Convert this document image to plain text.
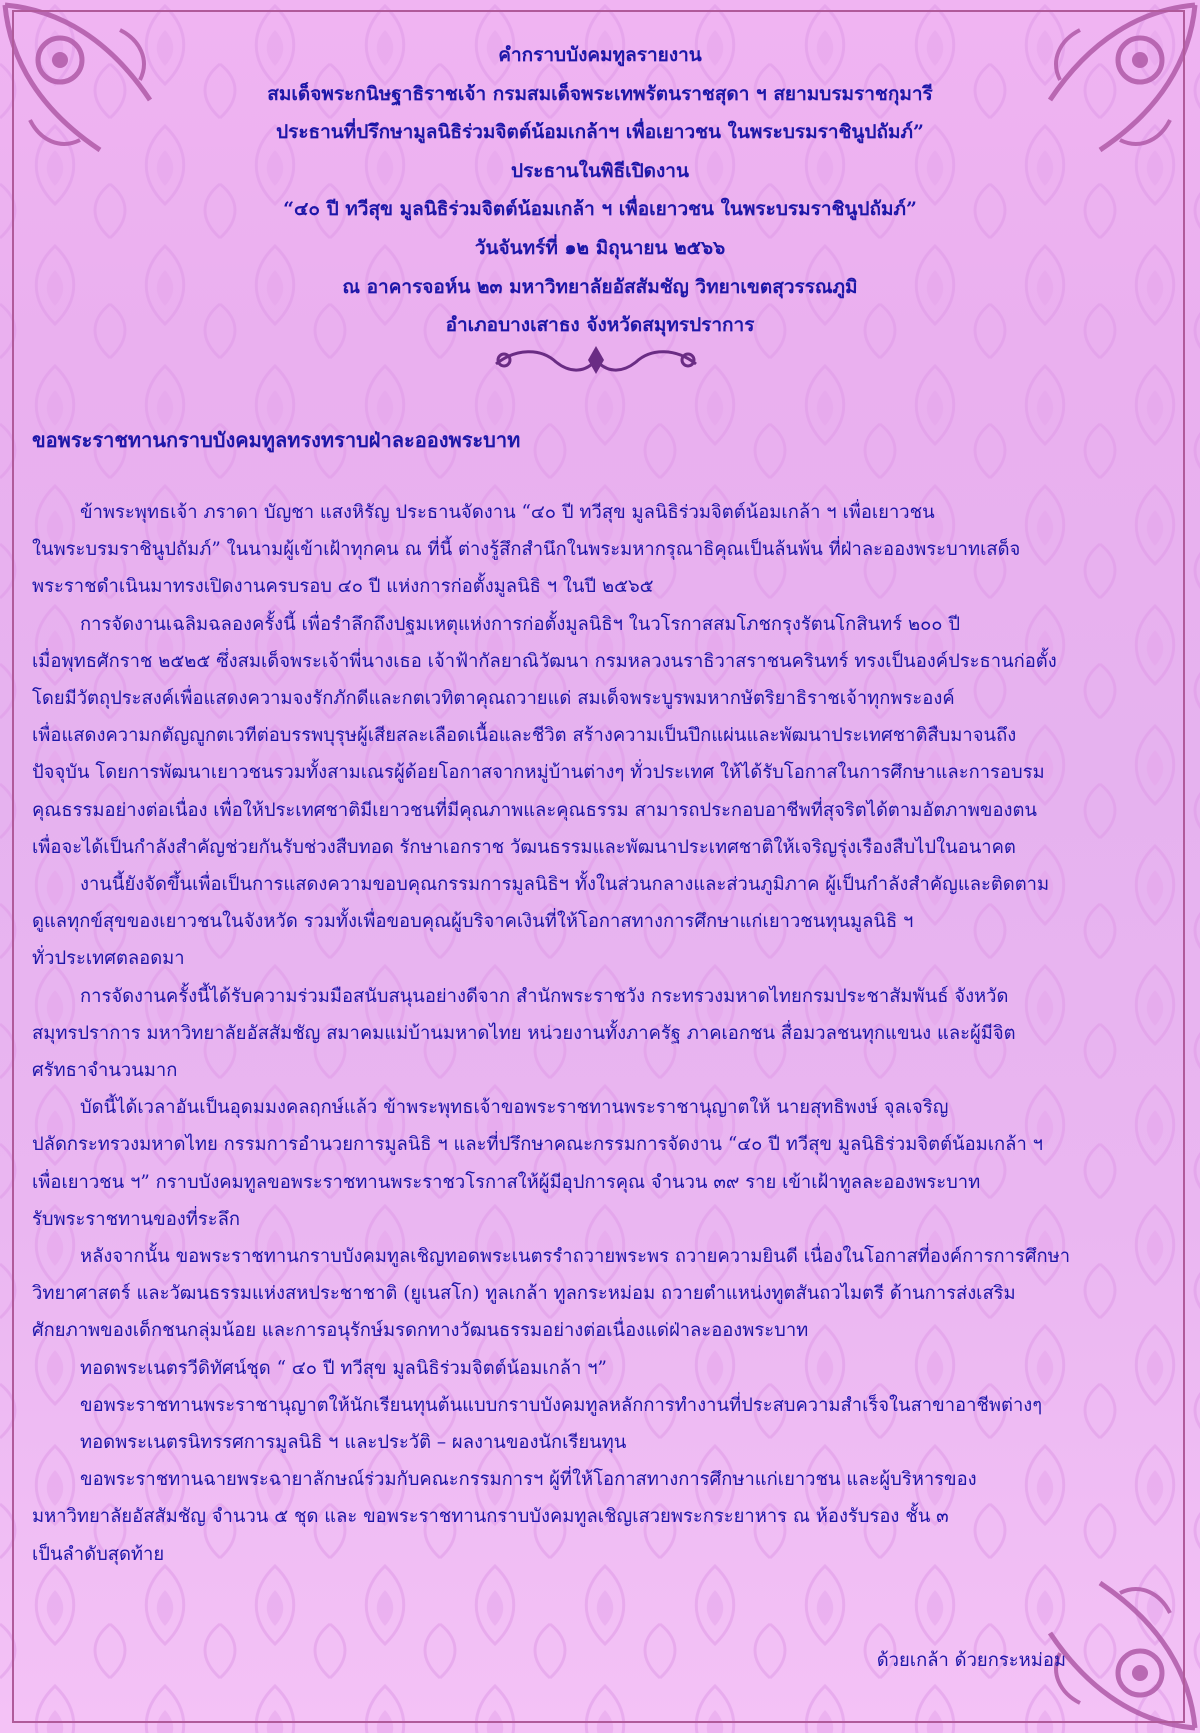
คำกราบบังคมทูลรายงาน
สมเด็จพระกนิษฐาธิราชเจ้า กรมสมเด็จพระเทพรัตนราชสุดา ฯ สยามบรมราชกุมารี
ประธานที่ปรึกษามูลนิธิร่วมจิตต์น้อมเกล้าฯ เพื่อเยาวชน ในพระบรมราชินูปถัมภ์”
ประธานในพิธีเปิดงาน
“๔๐ ปี ทวีสุข มูลนิธิร่วมจิตต์น้อมเกล้า ฯ เพื่อเยาวชน ในพระบรมราชินูปถัมภ์”
วันจันทร์ที่ ๑๒ มิถุนายน ๒๕๖๖
ณ อาคารจอห์น ๒๓ มหาวิทยาลัยอัสสัมชัญ วิทยาเขตสุวรรณภูมิ
อำเภอบางเสาธง จังหวัดสมุทรปราการ
ขอพระราชทานกราบบังคมทูลทรงทราบฝ่าละอองพระบาท

ข้าพระพุทธเจ้า ภราดา บัญชา แสงหิรัญ ประธานจัดงาน “๔๐ ปี ทวีสุข มูลนิธิร่วมจิตต์น้อมเกล้า ฯ เพื่อเยาวชน

ในพระบรมราชินูปถัมภ์” ในนามผู้เข้าเฝ้าทุกคน ณ ที่นี้ ต่างรู้สึกสำนึกในพระมหากรุณาธิคุณเป็นล้นพ้น ที่ฝ่าละอองพระบาทเสด็จ

พระราชดำเนินมาทรงเปิดงานครบรอบ ๔๐ ปี แห่งการก่อตั้งมูลนิธิ ฯ ในปี ๒๕๖๕

การจัดงานเฉลิมฉลองครั้งนี้ เพื่อรำลึกถึงปฐมเหตุแห่งการก่อตั้งมูลนิธิฯ ในวโรกาสสมโภชกรุงรัตนโกสินทร์ ๒๐๐ ปี

เมื่อพุทธศักราช ๒๕๒๕ ซึ่งสมเด็จพระเจ้าพี่นางเธอ เจ้าฟ้ากัลยาณิวัฒนา กรมหลวงนราธิวาสราชนครินทร์ ทรงเป็นองค์ประธานก่อตั้ง

โดยมีวัตถุประสงค์เพื่อแสดงความจงรักภักดีและกตเวทิตาคุณถวายแด่ สมเด็จพระบูรพมหากษัตริยาธิราชเจ้าทุกพระองค์

เพื่อแสดงความกตัญญูกตเวทีต่อบรรพบุรุษผู้เสียสละเลือดเนื้อและชีวิต สร้างความเป็นปึกแผ่นและพัฒนาประเทศชาติสืบมาจนถึง

ปัจจุบัน โดยการพัฒนาเยาวชนรวมทั้งสามเณรผู้ด้อยโอกาสจากหมู่บ้านต่างๆ ทั่วประเทศ ให้ได้รับโอกาสในการศึกษาและการอบรม

คุณธรรมอย่างต่อเนื่อง เพื่อให้ประเทศชาติมีเยาวชนที่มีคุณภาพและคุณธรรม สามารถประกอบอาชีพที่สุจริตได้ตามอัตภาพของตน

เพื่อจะได้เป็นกำลังสำคัญช่วยกันรับช่วงสืบทอด รักษาเอกราช วัฒนธรรมและพัฒนาประเทศชาติให้เจริญรุ่งเรืองสืบไปในอนาคต

งานนี้ยังจัดขึ้นเพื่อเป็นการแสดงความขอบคุณกรรมการมูลนิธิฯ ทั้งในส่วนกลางและส่วนภูมิภาค ผู้เป็นกำลังสำคัญและติดตาม

ดูแลทุกข์สุขของเยาวชนในจังหวัด รวมทั้งเพื่อขอบคุณผู้บริจาคเงินที่ให้โอกาสทางการศึกษาแก่เยาวชนทุนมูลนิธิ ฯ

ทั่วประเทศตลอดมา

การจัดงานครั้งนี้ได้รับความร่วมมือสนับสนุนอย่างดีจาก สำนักพระราชวัง กระทรวงมหาดไทยกรมประชาสัมพันธ์ จังหวัด

สมุทรปราการ มหาวิทยาลัยอัสสัมชัญ สมาคมแม่บ้านมหาดไทย หน่วยงานทั้งภาครัฐ ภาคเอกชน สื่อมวลชนทุกแขนง และผู้มีจิต

ศรัทธาจำนวนมาก

บัดนี้ได้เวลาอันเป็นอุดมมงคลฤกษ์แล้ว ข้าพระพุทธเจ้าขอพระราชทานพระราชานุญาตให้ นายสุทธิพงษ์ จุลเจริญ

ปลัดกระทรวงมหาดไทย กรรมการอำนวยการมูลนิธิ ฯ และที่ปรึกษาคณะกรรมการจัดงาน “๔๐ ปี ทวีสุข มูลนิธิร่วมจิตต์น้อมเกล้า ฯ

เพื่อเยาวชน ฯ” กราบบังคมทูลขอพระราชทานพระราชวโรกาสให้ผู้มีอุปการคุณ จำนวน ๓๙ ราย เข้าเฝ้าทูลละอองพระบาท

รับพระราชทานของที่ระลึก

หลังจากนั้น ขอพระราชทานกราบบังคมทูลเชิญทอดพระเนตรรำถวายพระพร ถวายความยินดี เนื่องในโอกาสที่องค์การการศึกษา

วิทยาศาสตร์ และวัฒนธรรมแห่งสหประชาชาติ (ยูเนสโก) ทูลเกล้า ทูลกระหม่อม ถวายตำแหน่งทูตสันถวไมตรี ด้านการส่งเสริม

ศักยภาพของเด็กชนกลุ่มน้อย และการอนุรักษ์มรดกทางวัฒนธรรมอย่างต่อเนื่องแด่ฝ่าละอองพระบาท

ทอดพระเนตรวีดิทัศน์ชุด “ ๔๐ ปี ทวีสุข มูลนิธิร่วมจิตต์น้อมเกล้า ฯ”

ขอพระราชทานพระราชานุญาตให้นักเรียนทุนต้นแบบกราบบังคมทูลหลักการทำงานที่ประสบความสำเร็จในสาขาอาชีพต่างๆ

ทอดพระเนตรนิทรรศการมูลนิธิ ฯ และประวัติ – ผลงานของนักเรียนทุน

ขอพระราชทานฉายพระฉายาลักษณ์ร่วมกับคณะกรรมการฯ ผู้ที่ให้โอกาสทางการศึกษาแก่เยาวชน และผู้บริหารของ

มหาวิทยาลัยอัสสัมชัญ จำนวน ๕ ชุด และ ขอพระราชทานกราบบังคมทูลเชิญเสวยพระกระยาหาร ณ ห้องรับรอง ชั้น ๓

เป็นลำดับสุดท้าย

ด้วยเกล้า ด้วยกระหม่อม
